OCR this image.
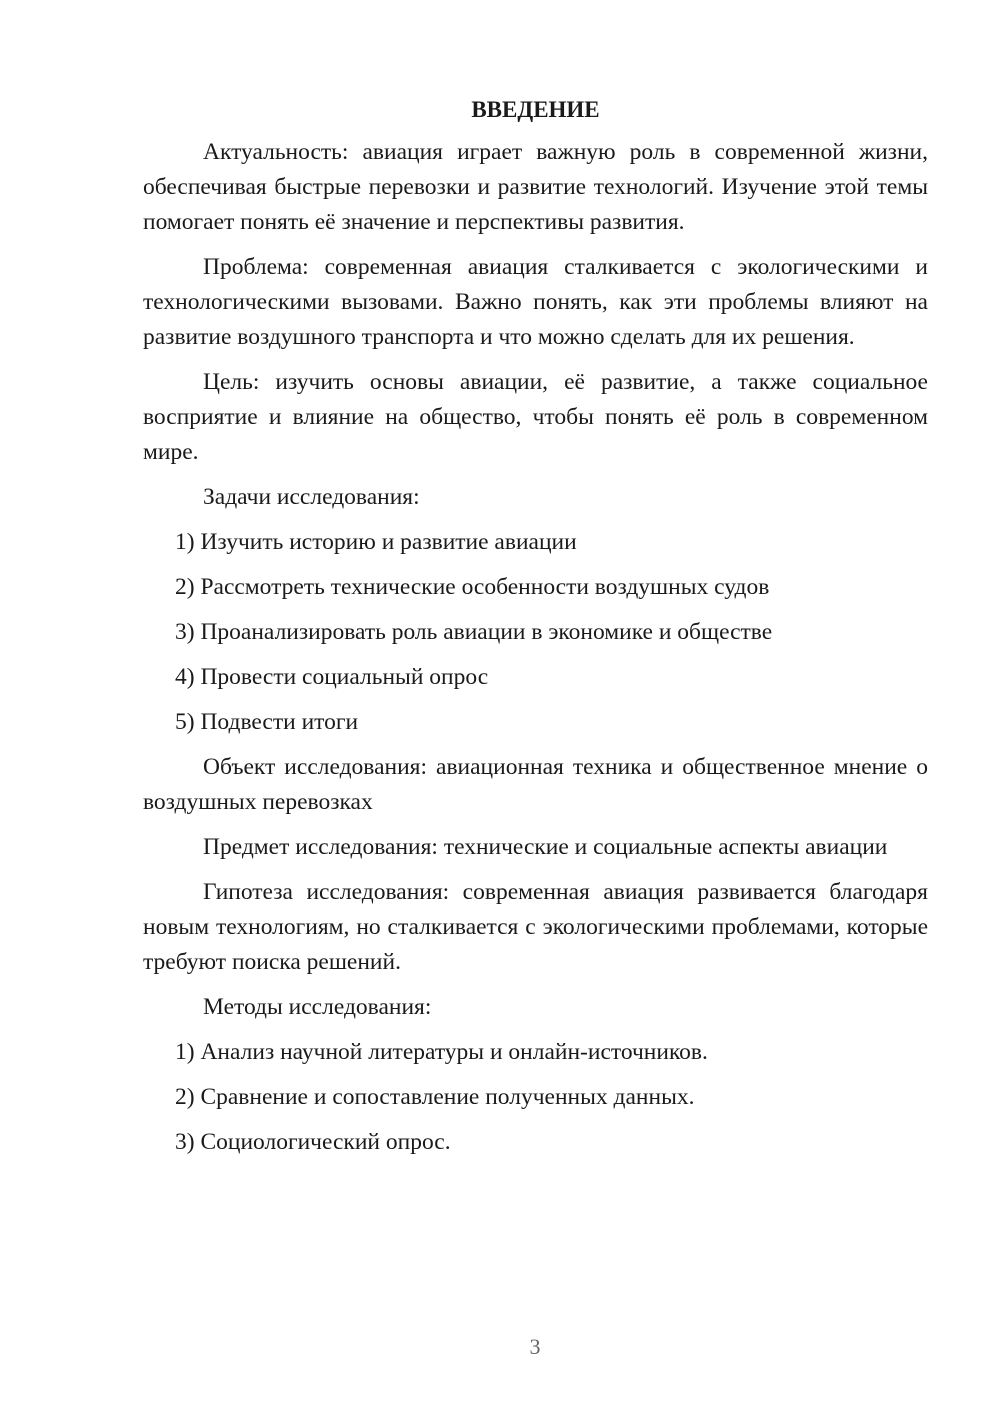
ВВЕДЕНИЕ

Актуальность: авиация играет важную роль в современной жизни, обеспечивая быстрые перевозки и развитие технологий. Изучение этой темы помогает понять её значение и перспективы развития.

Проблема: современная авиация сталкивается с экологическими и технологическими вызовами. Важно понять, как эти проблемы влияют на развитие воздушного транспорта и что можно сделать для их решения.

Цель: изучить основы авиации, её развитие, а также социальное восприятие и влияние на общество, чтобы понять её роль в современном мире.

Задачи исследования:

1) Изучить историю и развитие авиации
2) Рассмотреть технические особенности воздушных судов
3) Проанализировать роль авиации в экономике и обществе
4) Провести социальный опрос
5) Подвести итоги

Объект исследования: авиационная техника и общественное мнение о воздушных перевозках

Предмет исследования: технические и социальные аспекты авиации

Гипотеза исследования: современная авиация развивается благодаря новым технологиям, но сталкивается с экологическими проблемами, которые требуют поиска решений.

Методы исследования:

1) Анализ научной литературы и онлайн-источников.
2) Сравнение и сопоставление полученных данных.
3) Социологический опрос.
3
